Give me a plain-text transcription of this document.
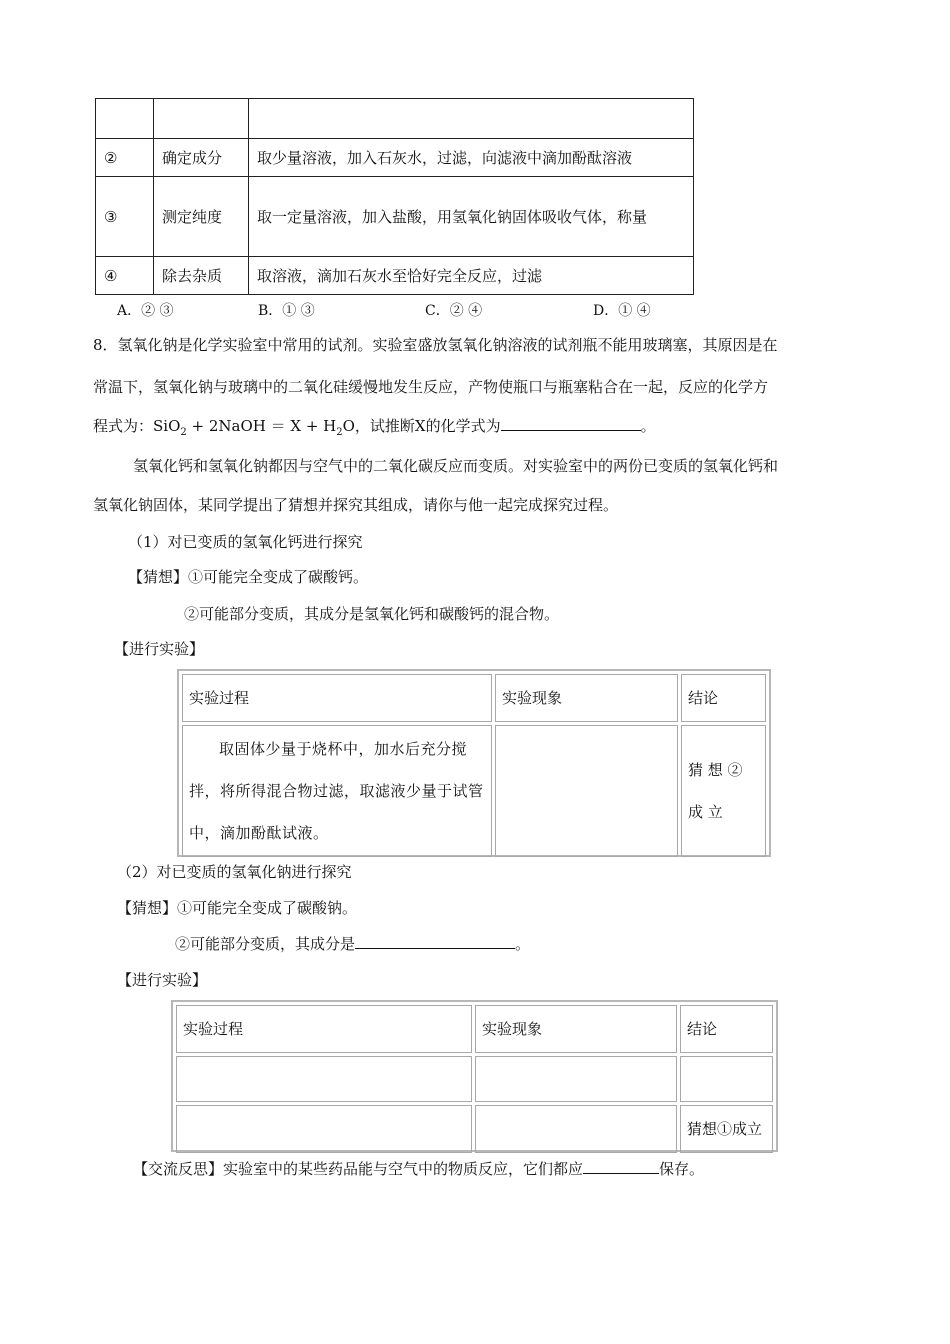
②	确定成分	取少量溶液，加入石灰水，过滤，向滤液中滴加酚酞溶液
③	测定纯度	取一定量溶液，加入盐酸，用氢氧化钠固体吸收气体，称量
④	除去杂质	取溶液，滴加石灰水至恰好完全反应，过滤
A．② ③	B．① ③	C．② ④	D．① ④
8．氢氧化钠是化学实验室中常用的试剂。实验室盛放氢氧化钠溶液的试剂瓶不能用玻璃塞，其原因是在
常温下，氢氧化钠与玻璃中的二氧化硅缓慢地发生反应，产物使瓶口与瓶塞粘合在一起，反应的化学方
程式为：SiO$_2$ + 2NaOH ＝ $X + H_2O$，试推断X的化学式为	。
氢氧化钙和氢氧化钠都因与空气中的二氧化碳反应而变质。对实验室中的两份已变质的氢氧化钙和
氢氧化钠固体，某同学提出了猜想并探究其组成，请你与他一起完成探究过程。
（1）对已变质的氢氧化钙进行探究
【猜想】①可能完全变成了碳酸钙。
②可能部分变质，其成分是氢氧化钙和碳酸钙的混合物。
【进行实验】
实验过程	实验现象	结论
取固体少量于烧杯中，加水后充分搅拌，将所得混合物过滤，取滤液少量于试管中，滴加酚酞试液。		猜 想 ② 成 立
（2）对已变质的氢氧化钠进行探究
【猜想】①可能完全变成了碳酸钠。
②可能部分变质，其成分是	。
【进行实验】
实验过程	实验现象	结论

		猜想①成立
【交流反思】实验室中的某些药品能与空气中的物质反应，它们都应	保存。
